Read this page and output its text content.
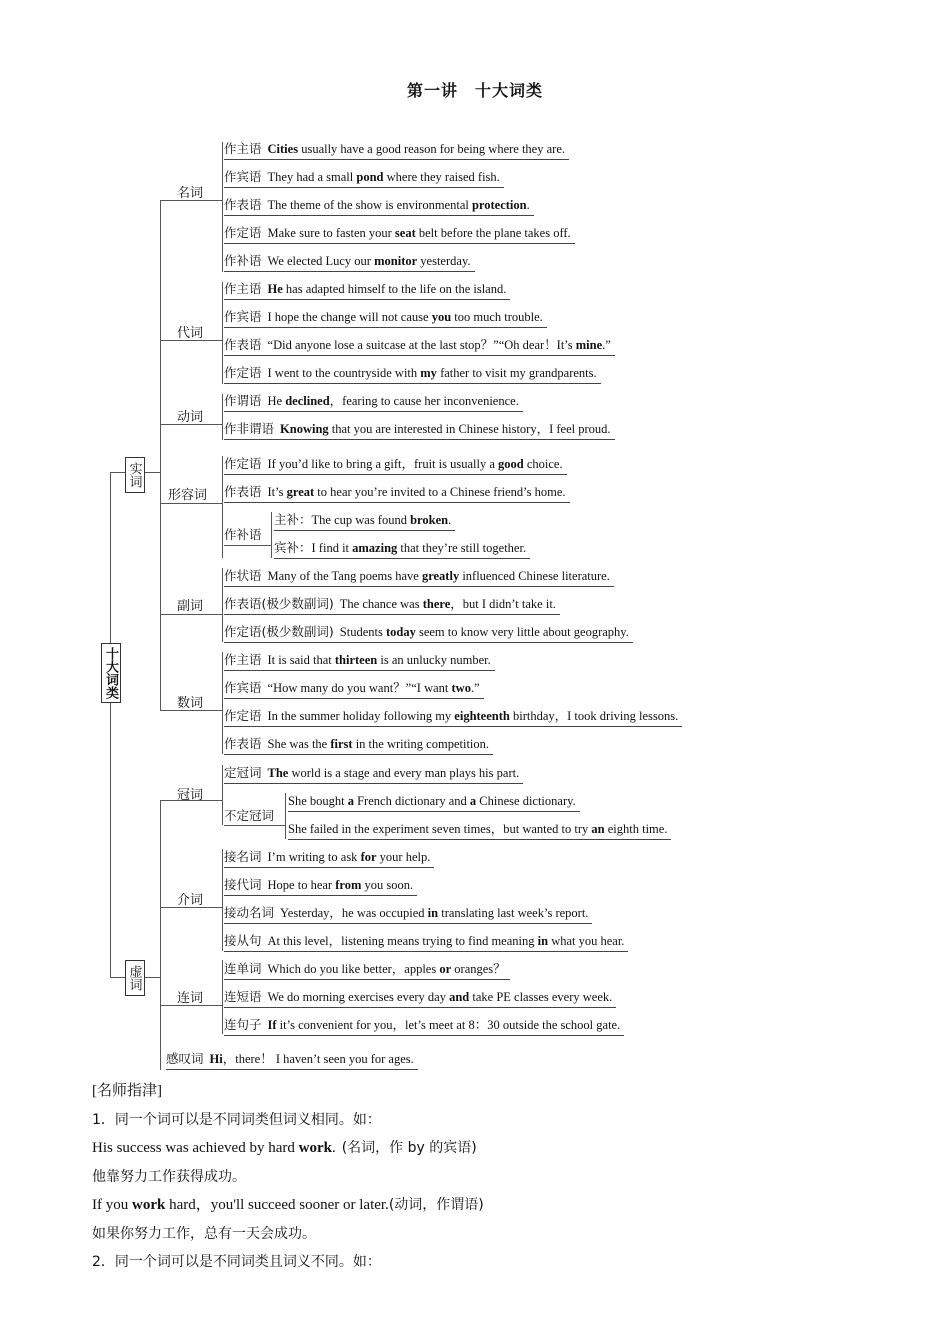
第一讲　十大词类
十大词类
实词
虚词
名词
代词
动词
形容词
副词
数词
冠词
介词
连词
作主语 Cities usually have a good reason for being where they are.
作宾语 They had a small pond where they raised fish.
作表语 The theme of the show is environmental protection.
作定语 Make sure to fasten your seat belt before the plane takes off.
作补语 We elected Lucy our monitor yesterday.
作主语 He has adapted himself to the life on the island.
作宾语 I hope the change will not cause you too much trouble.
作表语 “Did anyone lose a suitcase at the last stop？”“Oh dear！It’s mine.”
作定语 I went to the countryside with my father to visit my grandparents.
作谓语 He declined，fearing to cause her inconvenience.
作非谓语 Knowing that you are interested in Chinese history，I feel proud.
作定语 If you’d like to bring a gift，fruit is usually a good choice.
作表语 It’s great to hear you’re invited to a Chinese friend’s home.
作补语
主补：The cup was found broken.
宾补：I find it amazing that they’re still together.
作状语 Many of the Tang poems have greatly influenced Chinese literature.
作表语(极少数副词) The chance was there，but I didn’t take it.
作定语(极少数副词) Students today seem to know very little about geography.
作主语 It is said that thirteen is an unlucky number.
作宾语 “How many do you want？”“I want two.”
作定语 In the summer holiday following my eighteenth birthday，I took driving lessons.
作表语 She was the first in the writing competition.
定冠词 The world is a stage and every man plays his part.
不定冠词
She bought a French dictionary and a Chinese dictionary.
She failed in the experiment seven times，but wanted to try an eighth time.
接名词 I’m writing to ask for your help.
接代词 Hope to hear from you soon.
接动名词 Yesterday，he was occupied in translating last week’s report.
接从句 At this level，listening means trying to find meaning in what you hear.
连单词 Which do you like better，apples or oranges？
连短语 We do morning exercises every day and take PE classes every week.
连句子 If it’s convenient for you，let’s meet at 8：30 outside the school gate.
感叹词 Hi，there！ I haven’t seen you for ages.
[名师指津]
1．同一个词可以是不同词类但词义相同。如：
His success was achieved by hard work. (名词，作 by 的宾语)
他靠努力工作获得成功。
If you work hard，you'll succeed sooner or later.(动词，作谓语)
如果你努力工作，总有一天会成功。
2．同一个词可以是不同词类且词义不同。如：
